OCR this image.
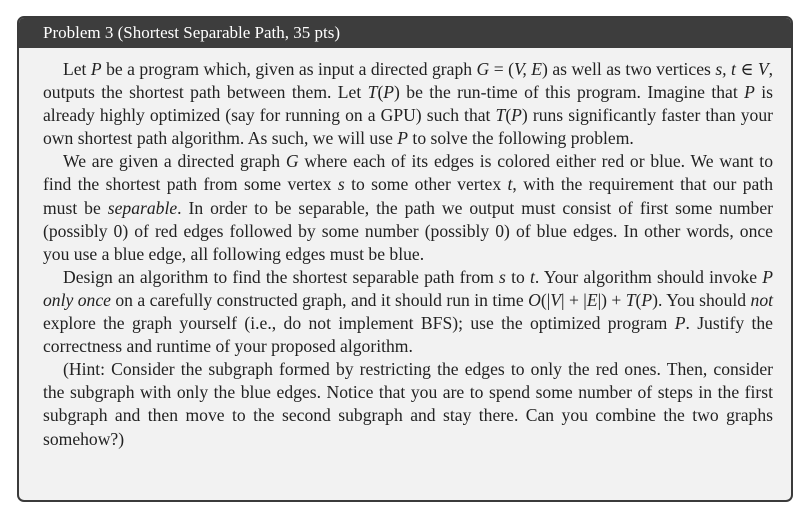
Problem 3 (Shortest Separable Path, 35 pts)

Let P be a program which, given as input a directed graph G = (V, E) as well as two vertices s, t ∈ V, outputs the shortest path between them. Let T(P) be the run-time of this program. Imagine that P is already highly optimized (say for running on a GPU) such that T(P) runs significantly faster than your own shortest path algorithm. As such, we will use P to solve the following problem.

We are given a directed graph G where each of its edges is colored either red or blue. We want to find the shortest path from some vertex s to some other vertex t, with the requirement that our path must be separable. In order to be separable, the path we output must consist of first some number (possibly 0) of red edges followed by some number (possibly 0) of blue edges. In other words, once you use a blue edge, all following edges must be blue.

Design an algorithm to find the shortest separable path from s to t. Your algorithm should invoke P only once on a carefully constructed graph, and it should run in time O(|V| + |E|) + T(P). You should not explore the graph yourself (i.e., do not implement BFS); use the optimized program P. Justify the correctness and runtime of your proposed algorithm.

(Hint: Consider the subgraph formed by restricting the edges to only the red ones. Then, consider the subgraph with only the blue edges. Notice that you are to spend some number of steps in the first subgraph and then move to the second subgraph and stay there. Can you combine the two graphs somehow?)
